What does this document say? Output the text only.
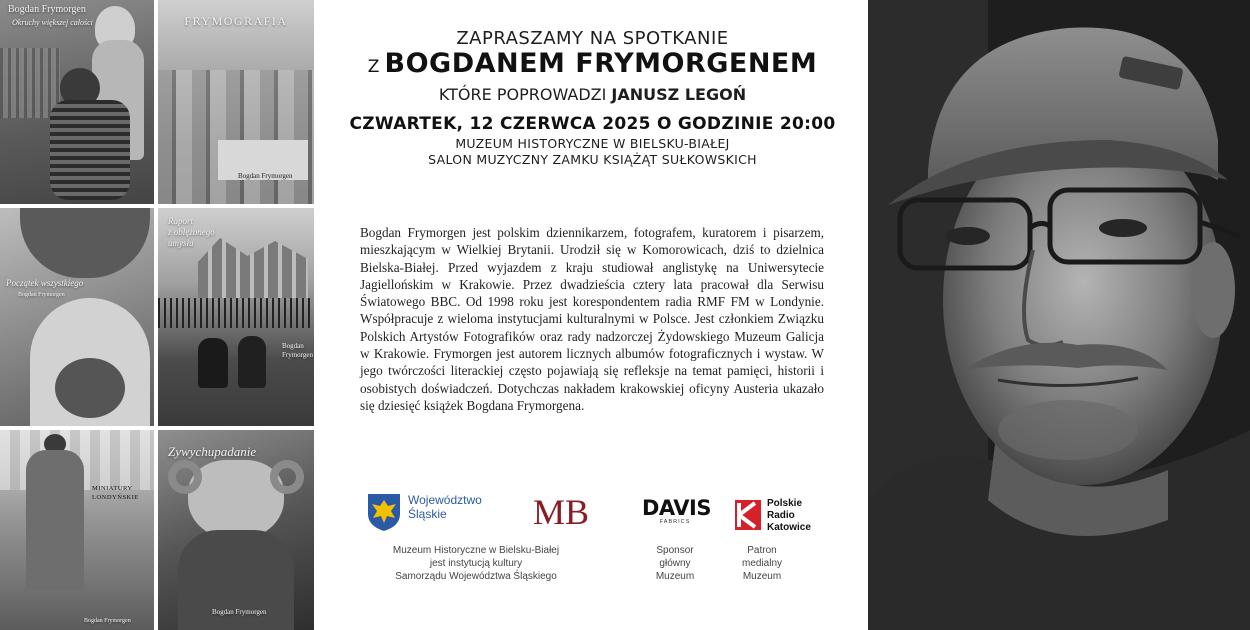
Bogdan Frymorgen
Okruchy większej całości	FRYMOGRAFIA
Bogdan Frymorgen
Początek wszystkiego
Bogdan Frymorgen
Raport
z oblężonego
umysłu
Bogdan
Frymorgen
MINIATURY
LONDYŃSKIE
Bogdan Frymorgen
Zywychupadanie
Bogdan Frymorgen
ZAPRASZAMY NA SPOTKANIE
Z BOGDANEM FRYMORGENEM
KTÓRE POPROWADZI JANUSZ LEGOŃ
CZWARTEK, 12 CZERWCA 2025 O GODZINIE 20:00
MUZEUM HISTORYCZNE W BIELSKU-BIAŁEJ
SALON MUZYCZNY ZAMKU KSIĄŻĄT SUŁKOWSKICH

Bogdan Frymorgen jest polskim dziennikarzem, fotografem, kuratorem i pisarzem, mieszkającym w Wielkiej Brytanii. Urodził się w Komorowicach, dziś to dzielnica Bielska-Białej. Przed wyjazdem z kraju studiował anglistykę na Uniwersytecie Jagiellońskim w Krakowie. Przez dwadzieścia cztery lata pracował dla Serwisu Światowego BBC. Od 1998 roku jest korespondentem radia RMF FM w Londynie. Współpracuje z wieloma instytucjami kulturalnymi w Polsce. Jest członkiem Związku Polskich Artystów Fotografików oraz rady nadzorczej Żydowskiego Muzeum Galicja w Krakowie. Frymorgen jest autorem licznych albumów fotograficznych i wystaw. W jego twórczości literackiej często pojawiają się refleksje na temat pamięci, historii i osobistych doświadczeń. Dotychczas nakładem krakowskiej oficyny Austeria ukazało się dziesięć książek Bogdana Frymorgena.

Województwo
Śląskie	MB	DAVIS
FABRICS
Polskie
Radio
Katowice
Muzeum Historyczne w Bielsku-Białej
jest instytucją kultury
Samorządu Województwa Śląskiego
Sponsor
główny
Muzeum
Patron
medialny
Muzeum
